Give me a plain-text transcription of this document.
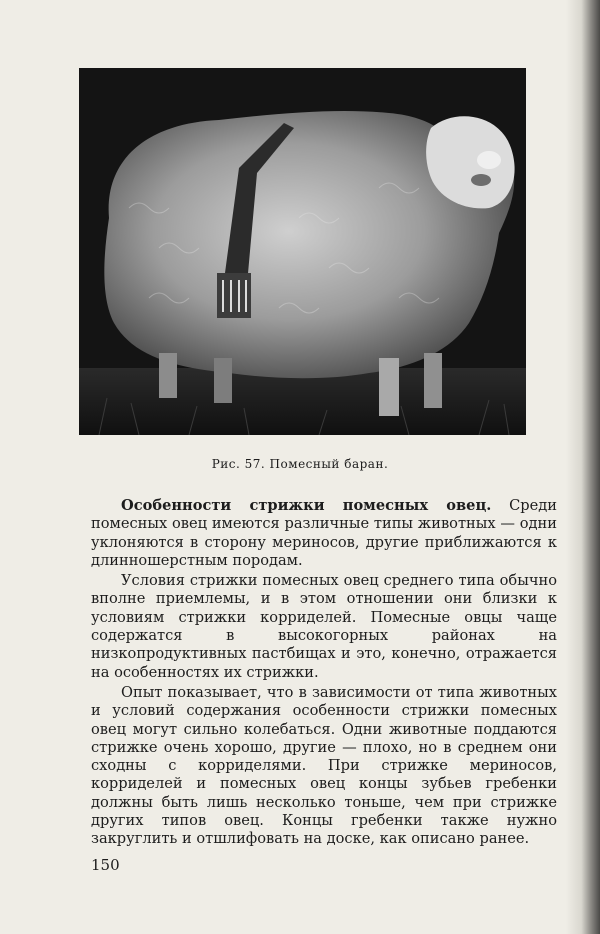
Рис. 57. Помесный баран.

Особенности стрижки помесных овец. Среди помесных овец имеются различные типы животных — одни уклоняются в сторону мериносов, другие приближаются к длинношерстным породам.

Условия стрижки помесных овец среднего типа обычно вполне приемлемы, и в этом отношении они близки к условиям стрижки корриделей. Помесные овцы чаще содержатся в высокогорных районах на низкопродуктивных пастбищах и это, конечно, отражается на особенностях их стрижки.

Опыт показывает, что в зависимости от типа животных и условий содержания особенности стрижки помесных овец могут сильно колебаться. Одни животные поддаются стрижке очень хорошо, другие — плохо, но в среднем они сходны с корриделями. При стрижке мериносов, корриделей и помесных овец концы зубьев гребенки должны быть лишь несколько тоньше, чем при стрижке других типов овец. Концы гребенки также нужно закруглить и отшлифовать на доске, как описано ранее.

150
